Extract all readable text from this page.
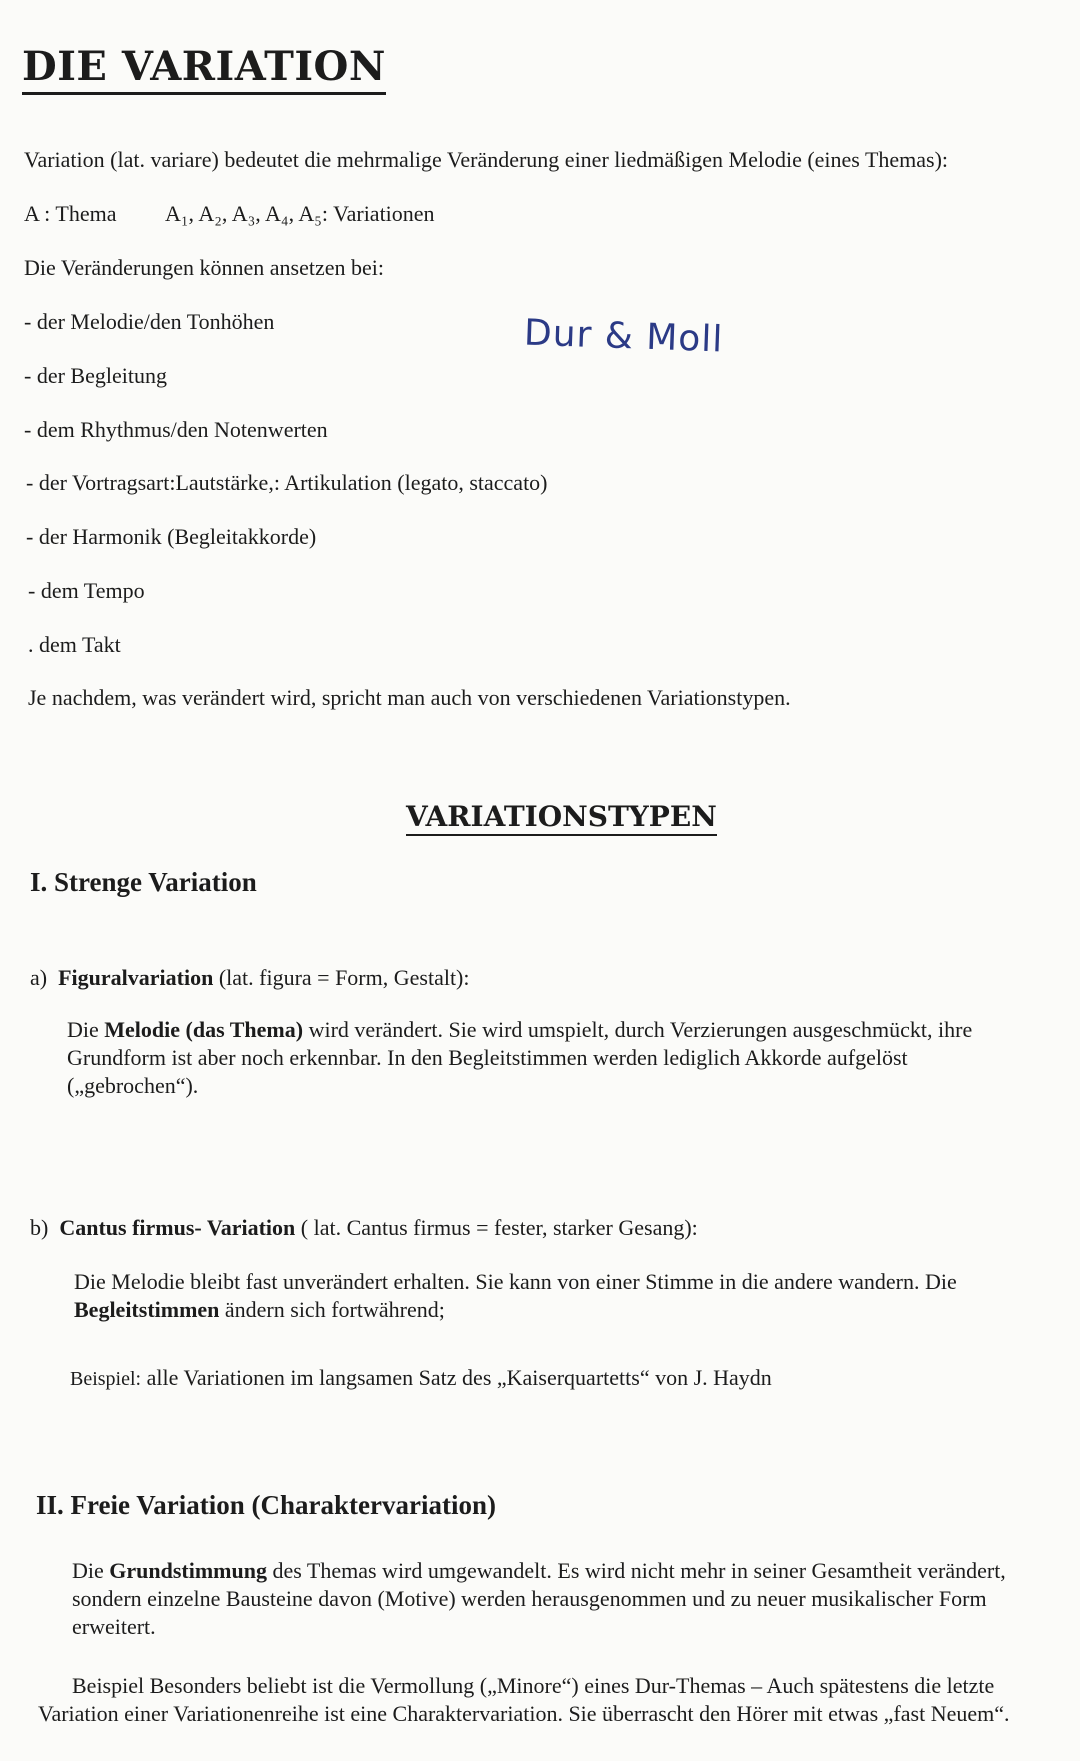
DIE VARIATION
Variation (lat. variare) bedeutet die mehrmalige Veränderung einer liedmäßigen Melodie (eines Themas):
A : Thema A₁, A₂, A₃, A₄, A₅: Variationen
Die Veränderungen können ansetzen bei:
- der Melodie/den Tonhöhen
- der Begleitung
- dem Rhythmus/den Notenwerten
- der Vortragsart:Lautstärke,: Artikulation (legato, staccato)
- der Harmonik (Begleitakkorde)
- dem Tempo
. dem Takt
Dur & Moll
Je nachdem, was verändert wird, spricht man auch von verschiedenen Variationstypen.
VARIATIONSTYPEN
I. Strenge Variation
a) Figuralvariation (lat. figura = Form, Gestalt):
Die Melodie (das Thema) wird verändert. Sie wird umspielt, durch Verzierungen ausgeschmückt, ihre Grundform ist aber noch erkennbar. In den Begleitstimmen werden lediglich Akkorde aufgelöst („gebrochen“).
b) Cantus firmus- Variation ( lat. Cantus firmus = fester, starker Gesang):
Die Melodie bleibt fast unverändert erhalten. Sie kann von einer Stimme in die andere wandern. Die Begleitstimmen ändern sich fortwährend;
Beispiel: alle Variationen im langsamen Satz des „Kaiserquartetts“ von J. Haydn
II. Freie Variation (Charaktervariation)
Die Grundstimmung des Themas wird umgewandelt. Es wird nicht mehr in seiner Gesamtheit verändert, sondern einzelne Bausteine davon (Motive) werden herausgenommen und zu neuer musikalischer Form erweitert.
Beispiel Besonders beliebt ist die Vermollung („Minore“) eines Dur-Themas – Auch spätestens die letzte Variation einer Variationenreihe ist eine Charaktervariation. Sie überrascht den Hörer mit etwas „fast Neuem“.
